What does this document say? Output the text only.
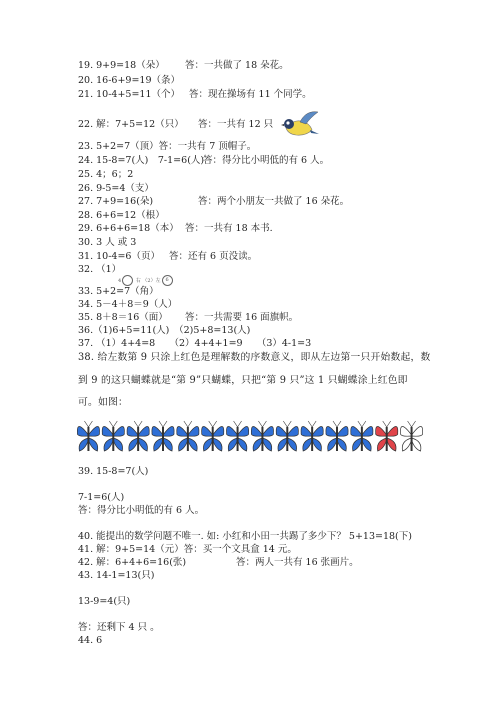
19. 9+9=18（朵） 答：一共做了 18 朵花。
20. 16-6+9=19（条）
21. 10-4+5=11（个） 答：现在操场有 11 个同学。
22. 解：7+5=12（只） 答：一共有 12 只
23. 5+2=7（顶）答：一共有 7 顶帽子。
24. 15-8=7(人)　7-1=6(人)
答：得分比小明低的有 6 人。
25. 4；6；2
26. 9-5=4（支）
27. 7+9=16(朵)	答：两个小朋友一共做了 16 朵花。
28. 6+6=12（根）
29. 6+6+6=18（本） 答：一共有 18 本书.
30. 3 人 或 3
31. 10-4=6（页） 答：还有 6 页没读。
32. （1）
4	右 （2）左 6
33. 5+2=7（角）
34. 5－4＋8＝9（人）
35. 8＋8＝16（面） 答：一共需要 16 面旗帜。
36.（1)6+5=11(人)　（2)5+8=13(人)
37. （1）4+4=8　　（2）4+4+1=9　　（3）4-1=3
38. 给左数第 9 只涂上红色是理解数的序数意义，即从左边第一只开始数起，数
到 9 的这只蝴蝶就是“第 9”只蝴蝶，只把“第 9 只”这 1 只蝴蝶涂上红色即
可。如图：
39. 15-8=7(人)
7-1=6(人)
答：得分比小明低的有 6 人。
40. 能提出的数学问题不唯一. 如: 小红和小田一共踢了多少下？ 5+13=18(下)
41. 解：9+5=14（元）答：买一个文具盒 14 元。
42. 解：6+4+6=16(张)	答：两人一共有 16 张画片。
43. 14-1=13(只)
13-9=4(只)
答：还剩下 4 只 。
44. 6
